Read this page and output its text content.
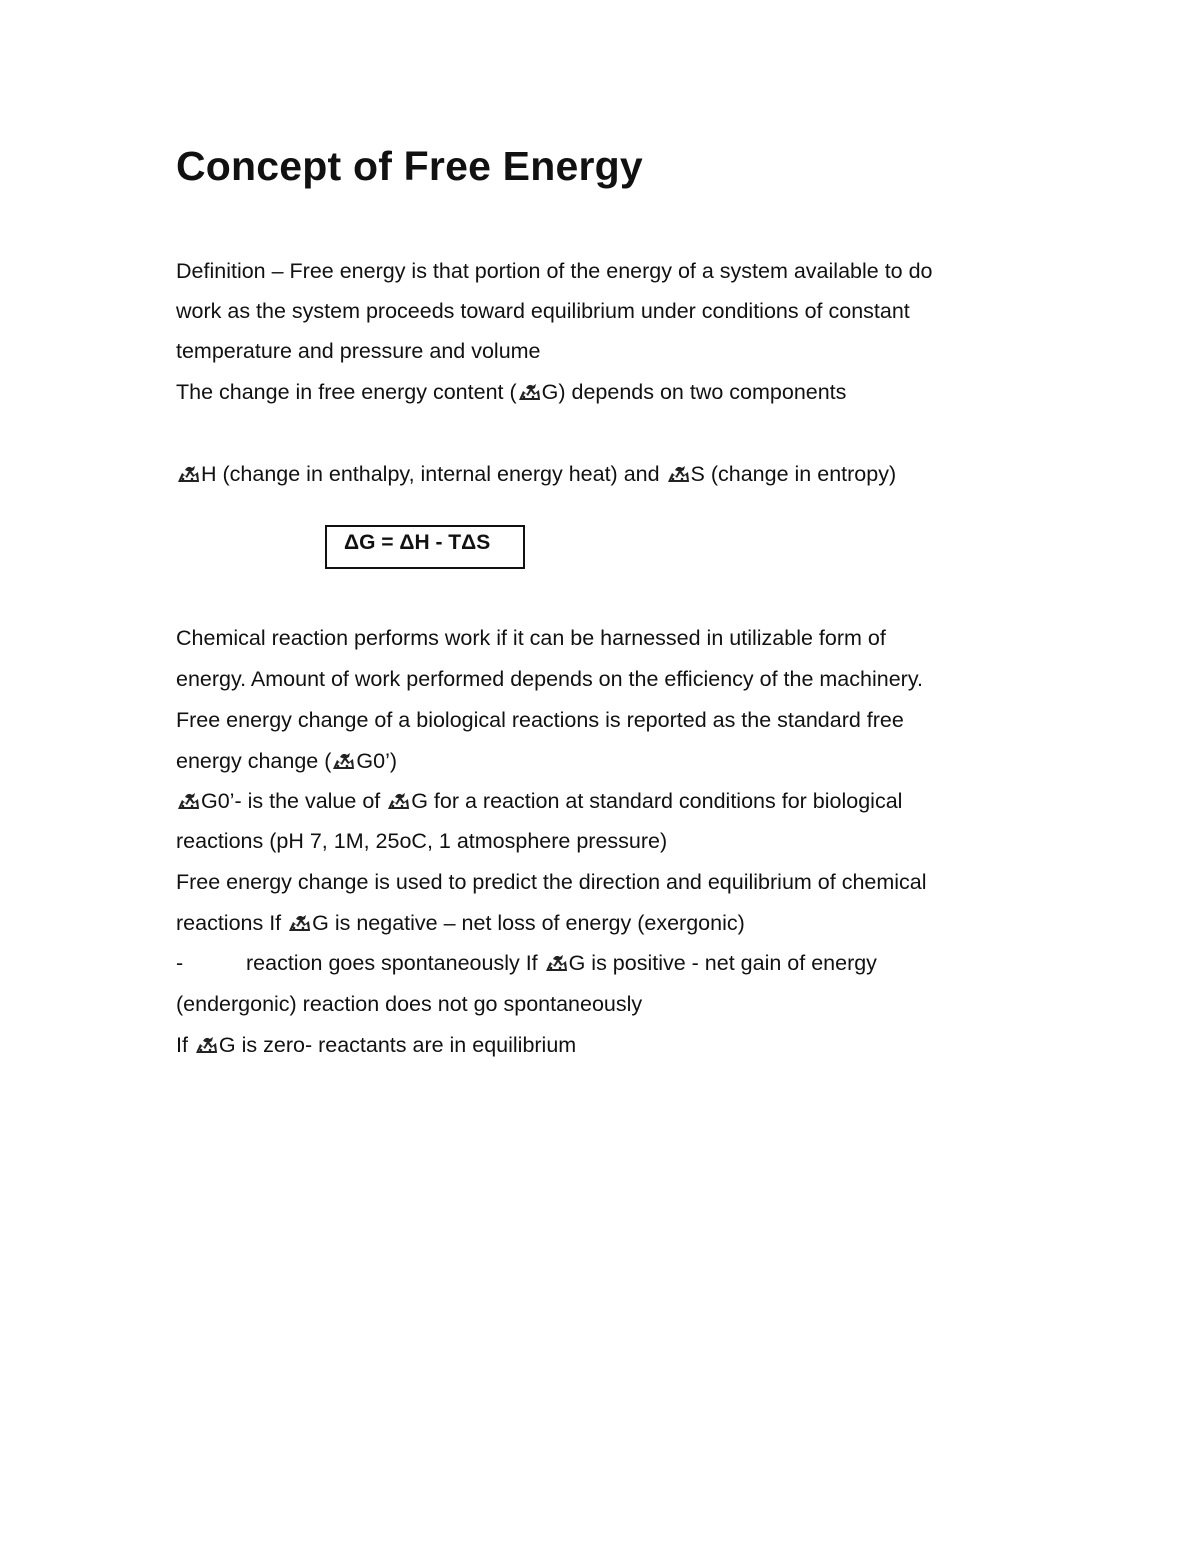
Concept of Free Energy

Definition – Free energy is that portion of the energy of a system available to do

work as the system proceeds toward equilibrium under conditions of constant

temperature and pressure and volume

The change in free energy content ( G) depends on two components

H (change in enthalpy, internal energy heat) and S (change in entropy)

ΔG = ΔH - TΔS

Chemical reaction performs work if it can be harnessed in utilizable form of

energy. Amount of work performed depends on the efficiency of the machinery.

Free energy change of a biological reactions is reported as the standard free

energy change ( G0’)

G0’- is the value of G for a reaction at standard conditions for biological

reactions (pH 7, 1M, 25oC, 1 atmosphere pressure)

Free energy change is used to predict the direction and equilibrium of chemical

reactions If G is negative – net loss of energy (exergonic)

-	reaction goes spontaneously If G is positive - net gain of energy

(endergonic) reaction does not go spontaneously

If G is zero- reactants are in equilibrium
